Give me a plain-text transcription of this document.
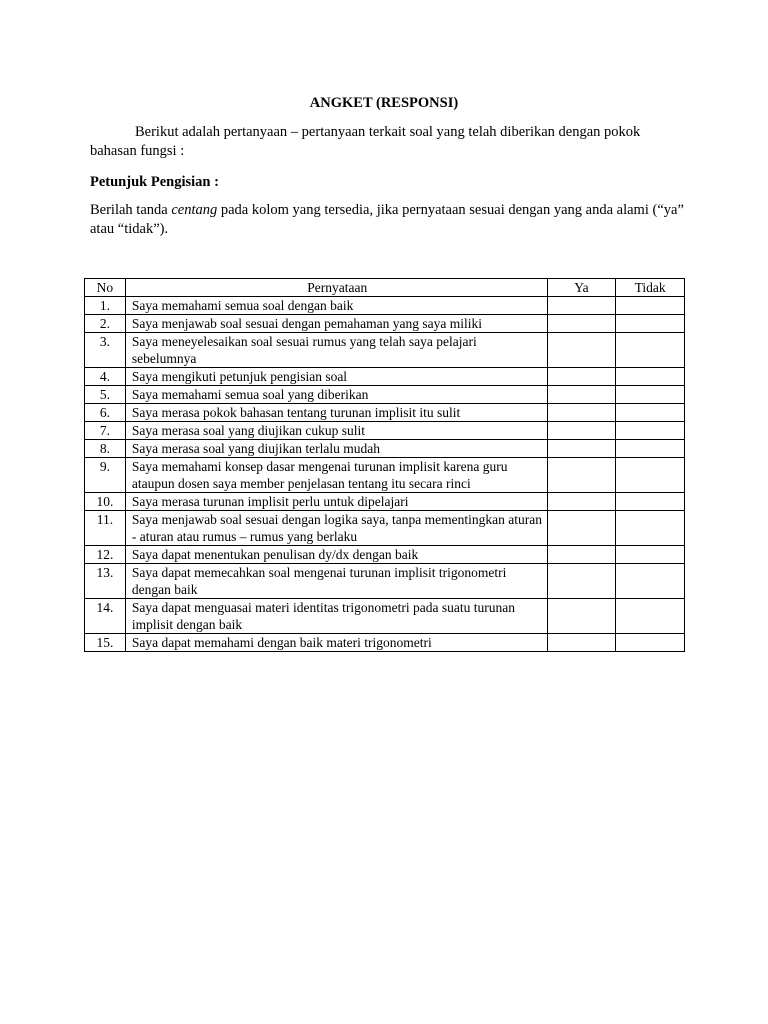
ANGKET (RESPONSI)
Berikut adalah pertanyaan – pertanyaan terkait soal yang telah diberikan dengan pokok bahasan fungsi :
Petunjuk Pengisian :
Berilah tanda centang pada kolom yang tersedia, jika pernyataan sesuai dengan yang anda alami (“ya” atau “tidak”).
No	Pernyataan	Ya	Tidak
1.	Saya memahami semua soal dengan baik		
2.	Saya menjawab soal sesuai dengan pemahaman yang saya miliki		
3.	Saya meneyelesaikan soal sesuai rumus yang telah saya pelajari sebelumnya		
4.	Saya mengikuti petunjuk pengisian soal		
5.	Saya memahami semua soal yang diberikan		
6.	Saya merasa pokok bahasan tentang turunan implisit itu sulit		
7.	Saya merasa soal yang diujikan cukup sulit		
8.	Saya merasa soal yang diujikan terlalu mudah		
9.	Saya memahami konsep dasar mengenai turunan implisit karena guru ataupun dosen saya member penjelasan tentang itu secara rinci		
10.	Saya merasa turunan implisit perlu untuk dipelajari		
11.	Saya menjawab soal sesuai dengan logika saya, tanpa mementingkan aturan - aturan atau rumus – rumus yang berlaku		
12.	Saya dapat menentukan penulisan dy/dx dengan baik		
13.	Saya dapat memecahkan soal mengenai turunan implisit trigonometri dengan baik		
14.	Saya dapat menguasai materi identitas trigonometri pada suatu turunan implisit dengan baik		
15.	Saya dapat memahami dengan baik materi trigonometri		
